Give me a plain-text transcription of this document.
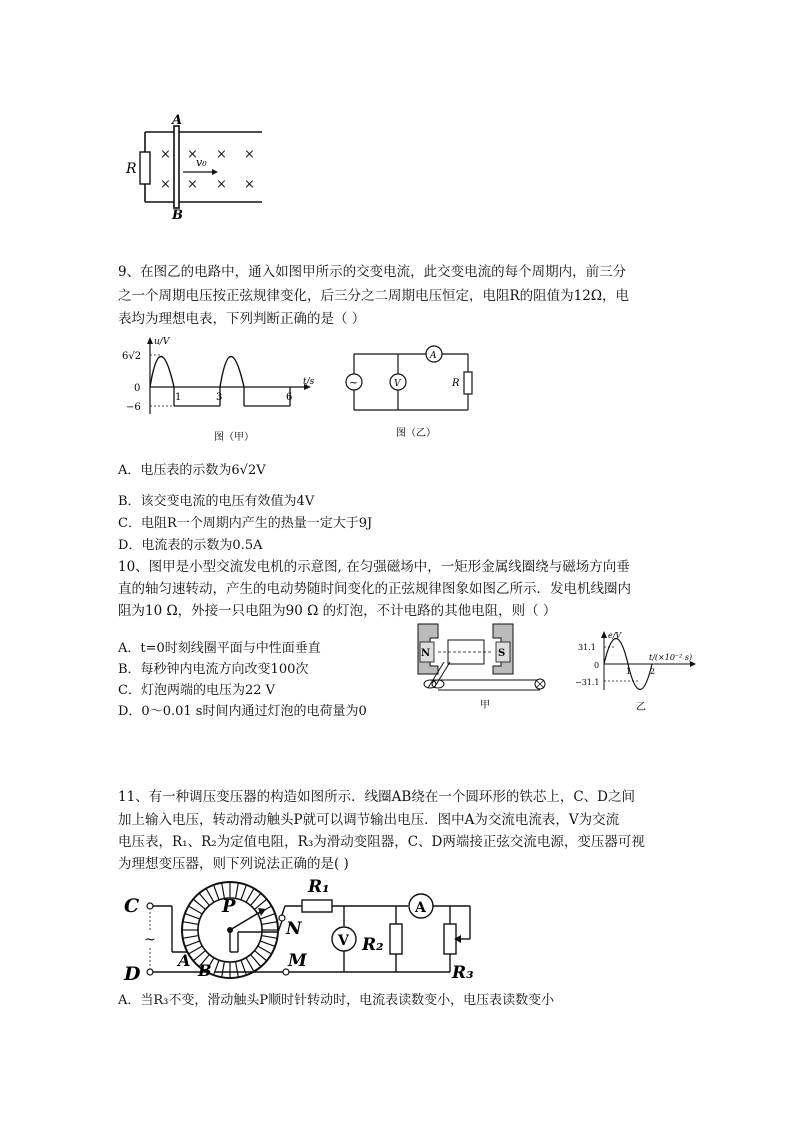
× × × ×
× × × ×
v₀
A
B
R
9、在图乙的电路中，通入如图甲所示的交变电流，此交变电流的每个周期内，前三分
之一个周期电压按正弦规律变化，后三分之二周期电压恒定，电阻R的阻值为12Ω，电
表均为理想电表，下列判断正确的是（ ）
u/V
t/s
6√2
0
−6
1	3	6
图（甲）
~	V
A
R
图（乙）
A．电压表的示数为6√2V
B．该交变电流的电压有效值为4V
C．电阻R一个周期内产生的热量一定大于9J
D．电流表的示数为0.5A
10、图甲是小型交流发电机的示意图, 在匀强磁场中，一矩形金属线圈绕与磁场方向垂
直的轴匀速转动，产生的电动势随时间变化的正弦规律图象如图乙所示．发电机线圈内
阻为10 Ω，外接一只电阻为90 Ω 的灯泡，不计电路的其他电阻，则（ ）
A．t=0时刻线圈平面与中性面垂直
B．每秒钟内电流方向改变100次
C．灯泡两端的电压为22 V
D．0～0.01 s时间内通过灯泡的电荷量为0
N	S
甲
e/V
t/(×10⁻² s)
31.1
0
−31.1
1 2
乙
11、有一种调压变压器的构造如图所示．线圈AB绕在一个圆环形的铁芯上，C、D之间
加上输入电压，转动滑动触头P就可以调节输出电压．图中A为交流电流表，V为交流
电压表，R₁、R₂为定值电阻，R₃为滑动变阻器，C、D两端接正弦交流电源，变压器可视
为理想变压器，则下列说法正确的是( )
~
C
D
P
A
B
N
M
R₁
A
V R₂
R₃
A．当R₃不变，滑动触头P顺时针转动时，电流表读数变小，电压表读数变小
